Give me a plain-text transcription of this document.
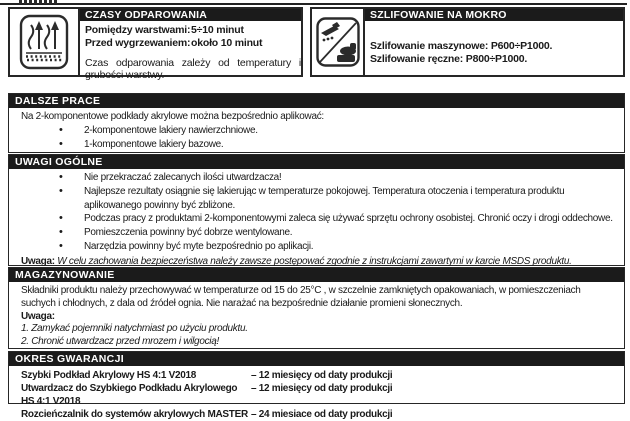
CZASY ODPAROWANIA
Pomiędzy warstwami: 5÷10 minut
Przed wygrzewaniem: około 10 minut
Czas odparowania zależy od temperatury i grubości warstwy.
SZLIFOWANIE NA MOKRO
Szlifowanie maszynowe: P600÷P1000.
Szlifowanie ręczne: P800÷P1000.
DALSZE PRACE
Na 2-komponentowe podkłady akrylowe można bezpośrednio aplikować:
• 2-komponentowe lakiery nawierzchniowe.
• 1-komponentowe lakiery bazowe.
UWAGI OGÓLNE
• Nie przekraczać zalecanych ilości utwardzacza!
• Najlepsze rezultaty osiągnie się lakierując w temperaturze pokojowej. Temperatura otoczenia i temperatura produktu aplikowanego powinny być zbliżone.
• Podczas pracy z produktami 2-komponentowymi zaleca się używać sprzętu ochrony osobistej. Chronić oczy i drogi oddechowe.
• Pomieszczenia powinny być dobrze wentylowane.
• Narzędzia powinny być myte bezpośrednio po aplikacji.
Uwaga: W celu zachowania bezpieczeństwa należy zawsze postępować zgodnie z instrukcjami zawartymi w karcie MSDS produktu.
MAGAZYNOWANIE
Składniki produktu należy przechowywać w temperaturze od 15 do 25°C , w szczelnie zamkniętych opakowaniach, w pomieszczeniach suchych i chłodnych, z dala od źródeł ognia. Nie narażać na bezpośrednie działanie promieni słonecznych.
Uwaga:
1. Zamykać pojemniki natychmiast po użyciu produktu.
2. Chronić utwardzacz przed mrozem i wilgocią!
OKRES GWARANCJI
Szybki Podkład Akrylowy HS 4:1 V2018	– 12 miesięcy od daty produkcji
Utwardzacz do Szybkiego Podkładu Akrylowego HS 4:1 V2018
– 12 miesięcy od daty produkcji
Rozcieńczalnik do systemów akrylowych MASTER – 24 miesiace od daty produkcji
